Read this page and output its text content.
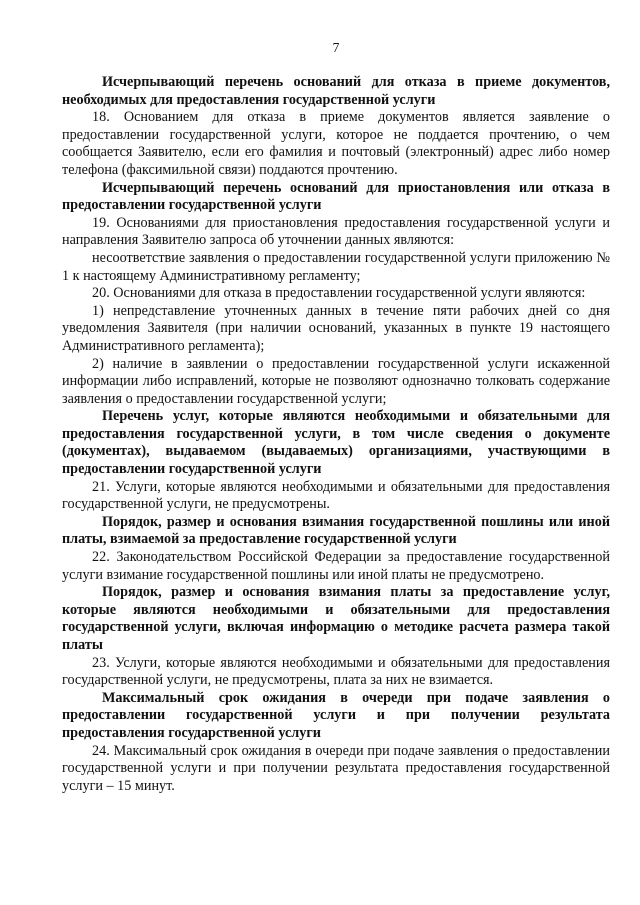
7

Исчерпывающий перечень оснований для отказа в приеме документов, необходимых для предоставления государственной услуги

18. Основанием для отказа в приеме документов является заявление о предоставлении государственной услуги, которое не поддается прочтению, о чем сообщается Заявителю, если его фамилия и почтовый (электронный) адрес либо номер телефона (факсимильной связи) поддаются прочтению.

Исчерпывающий перечень оснований для приостановления или отказа в предоставлении государственной услуги

19. Основаниями для приостановления предоставления государственной услуги и направления Заявителю запроса об уточнении данных являются:

несоответствие заявления о предоставлении государственной услуги приложению № 1 к настоящему Административному регламенту;

20. Основаниями для отказа в предоставлении государственной услуги являются:

1) непредставление уточненных данных в течение пяти рабочих дней со дня уведомления Заявителя (при наличии оснований, указанных в пункте 19 настоящего Административного регламента);

2) наличие в заявлении о предоставлении государственной услуги искаженной информации либо исправлений, которые не позволяют однозначно толковать содержание заявления о предоставлении государственной услуги;

Перечень услуг, которые являются необходимыми и обязательными для предоставления государственной услуги, в том числе сведения о документе (документах), выдаваемом (выдаваемых) организациями, участвующими в предоставлении государственной услуги

21. Услуги, которые являются необходимыми и обязательными для предоставления государственной услуги, не предусмотрены.

Порядок, размер и основания взимания государственной пошлины или иной платы, взимаемой за предоставление государственной услуги

22. Законодательством Российской Федерации за предоставление государственной услуги взимание государственной пошлины или иной платы не предусмотрено.

Порядок, размер и основания взимания платы за предоставление услуг, которые являются необходимыми и обязательными для предоставления государственной услуги, включая информацию о методике расчета размера такой платы

23. Услуги, которые являются необходимыми и обязательными для предоставления государственной услуги, не предусмотрены, плата за них не взимается.

Максимальный срок ожидания в очереди при подаче заявления о предоставлении государственной услуги и при получении результата предоставления государственной услуги

24. Максимальный срок ожидания в очереди при подаче заявления о предоставлении государственной услуги и при получении результата предоставления государственной услуги – 15 минут.
